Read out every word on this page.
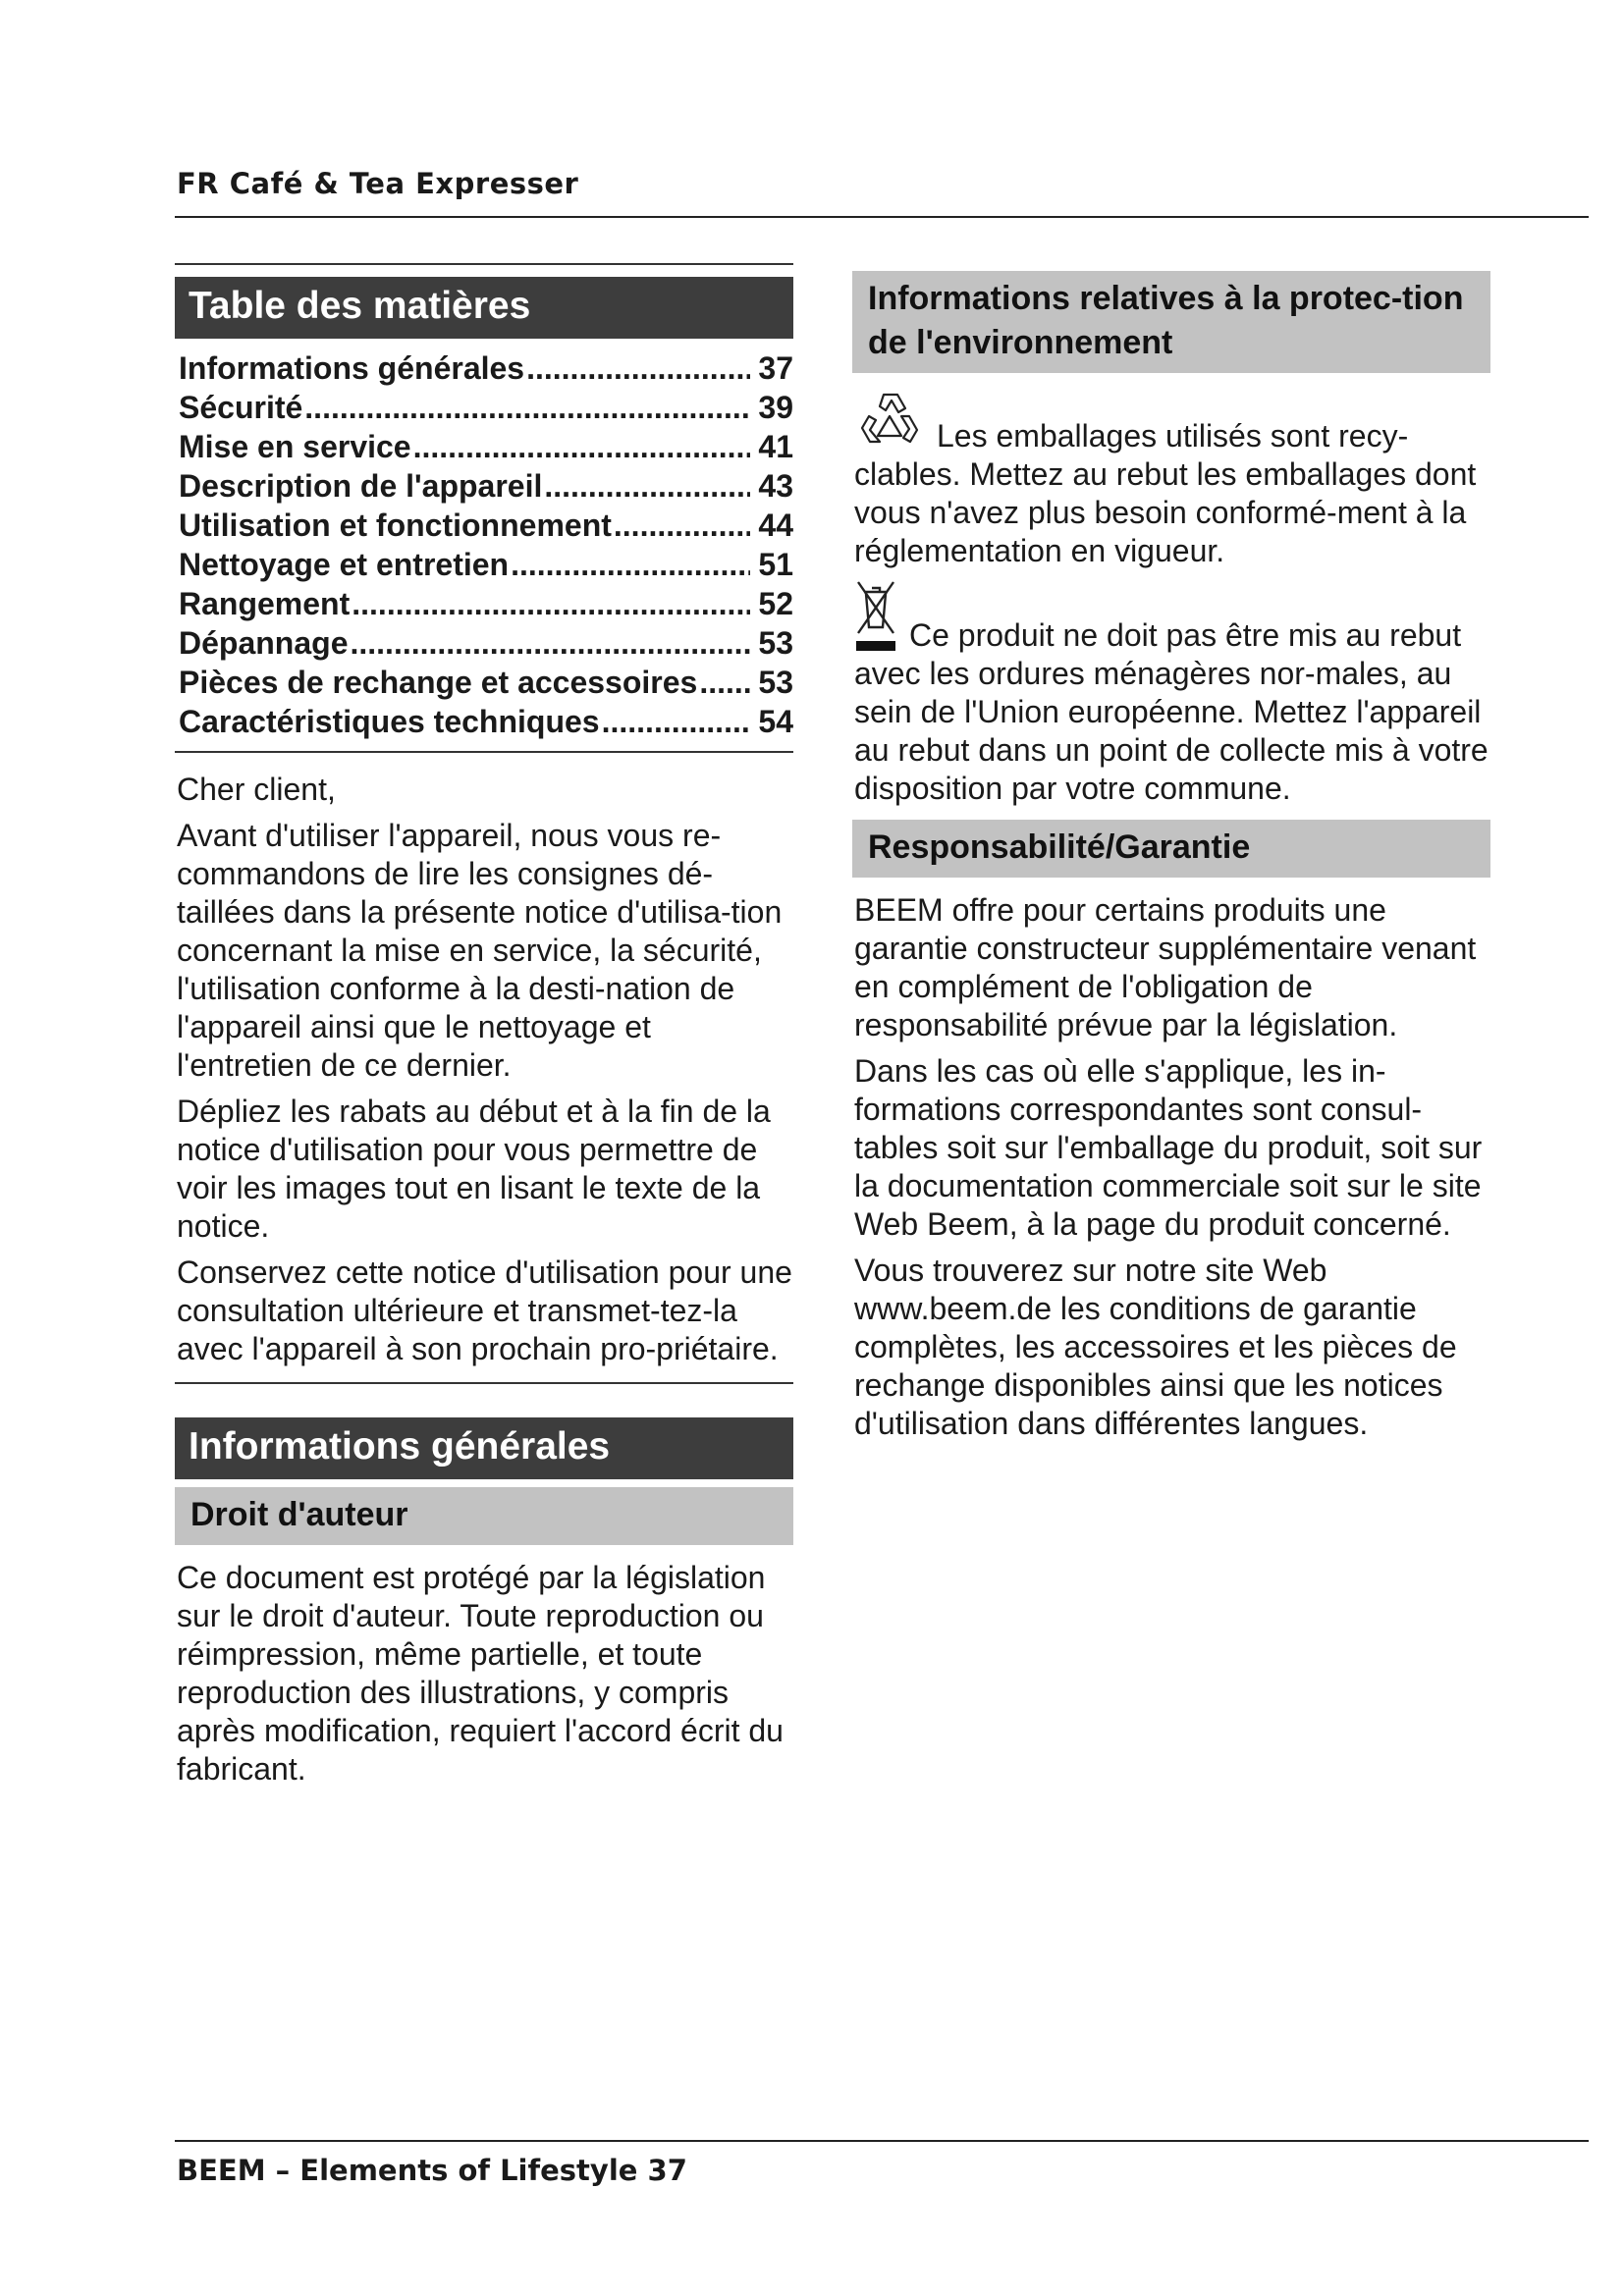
FR Café & Tea Expresser
Table des matières
Informations générales .....	37
Sécurité .....	39
Mise en service .....	41
Description de l'appareil .....	43
Utilisation et fonctionnement .....	44
Nettoyage et entretien .....	51
Rangement .....	52
Dépannage .....	53
Pièces de rechange et accessoires ..... 53
Caractéristiques techniques .....	54

Cher client,

Avant d'utiliser l'appareil, nous vous re-commandons de lire les consignes dé-taillées dans la présente notice d'utilisa-tion concernant la mise en service, la sécurité, l'utilisation conforme à la desti-nation de l'appareil ainsi que le nettoyage et l'entretien de ce dernier.

Dépliez les rabats au début et à la fin de la notice d'utilisation pour vous permettre de voir les images tout en lisant le texte de la notice.

Conservez cette notice d'utilisation pour une consultation ultérieure et transmet-tez-la avec l'appareil à son prochain pro-priétaire.

Informations générales
Droit d'auteur

Ce document est protégé par la législation sur le droit d'auteur. Toute reproduction ou réimpression, même partielle, et toute reproduction des illustrations, y compris après modification, requiert l'accord écrit du fabricant.

Informations relatives à la protec-tion de l'environnement

Les emballages utilisés sont recy-clables. Mettez au rebut les emballages dont vous n'avez plus besoin conformé-ment à la réglementation en vigueur.

Ce produit ne doit pas être mis au rebut avec les ordures ménagères nor-males, au sein de l'Union européenne. Mettez l'appareil au rebut dans un point de collecte mis à votre disposition par votre commune.

Responsabilité/Garantie

BEEM offre pour certains produits une garantie constructeur supplémentaire venant en complément de l'obligation de responsabilité prévue par la législation.

Dans les cas où elle s'applique, les in-formations correspondantes sont consul-tables soit sur l'emballage du produit, soit sur la documentation commerciale soit sur le site Web Beem, à la page du produit concerné.

Vous trouverez sur notre site Web www.beem.de les conditions de garantie complètes, les accessoires et les pièces de rechange disponibles ainsi que les notices d'utilisation dans différentes langues.

BEEM – Elements of Lifestyle 37
